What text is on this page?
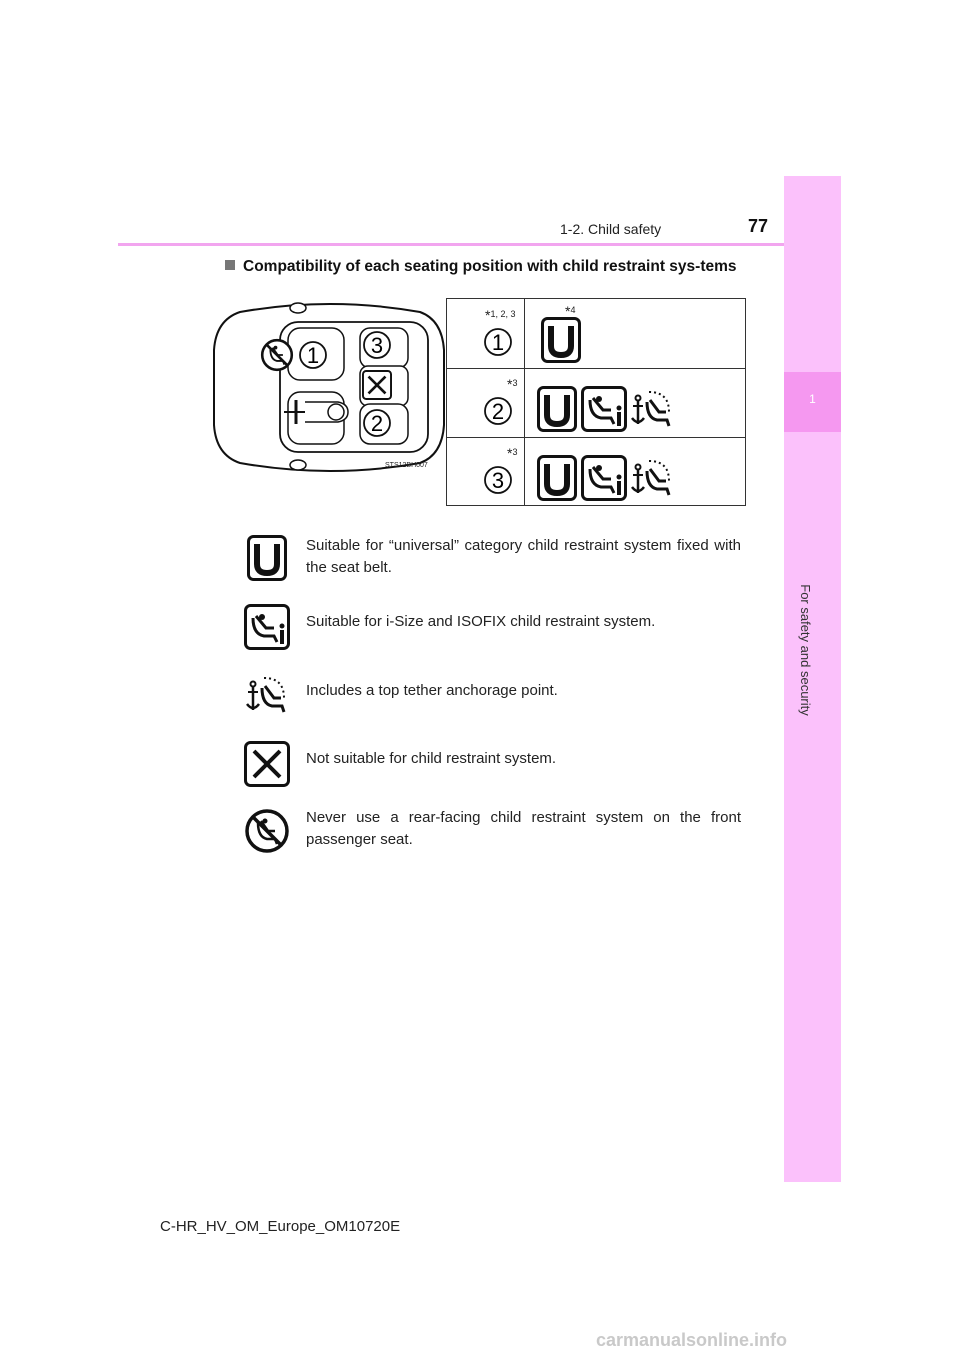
1-2. Child safety	77
1
For safety and security
Compatibility of each seating position with child restraint sys-tems
1 3
2
STS12BH007
*1, 2, 3
1
*4
*3
2
*3
3
Suitable for “universal” category child restraint system fixed with the seat belt.
Suitable for i-Size and ISOFIX child restraint system.
Includes a top tether anchorage point.
Not suitable for child restraint system.
Never use a rear-facing child restraint system on the front passenger seat.
C-HR_HV_OM_Europe_OM10720E
carmanualsonline.info
